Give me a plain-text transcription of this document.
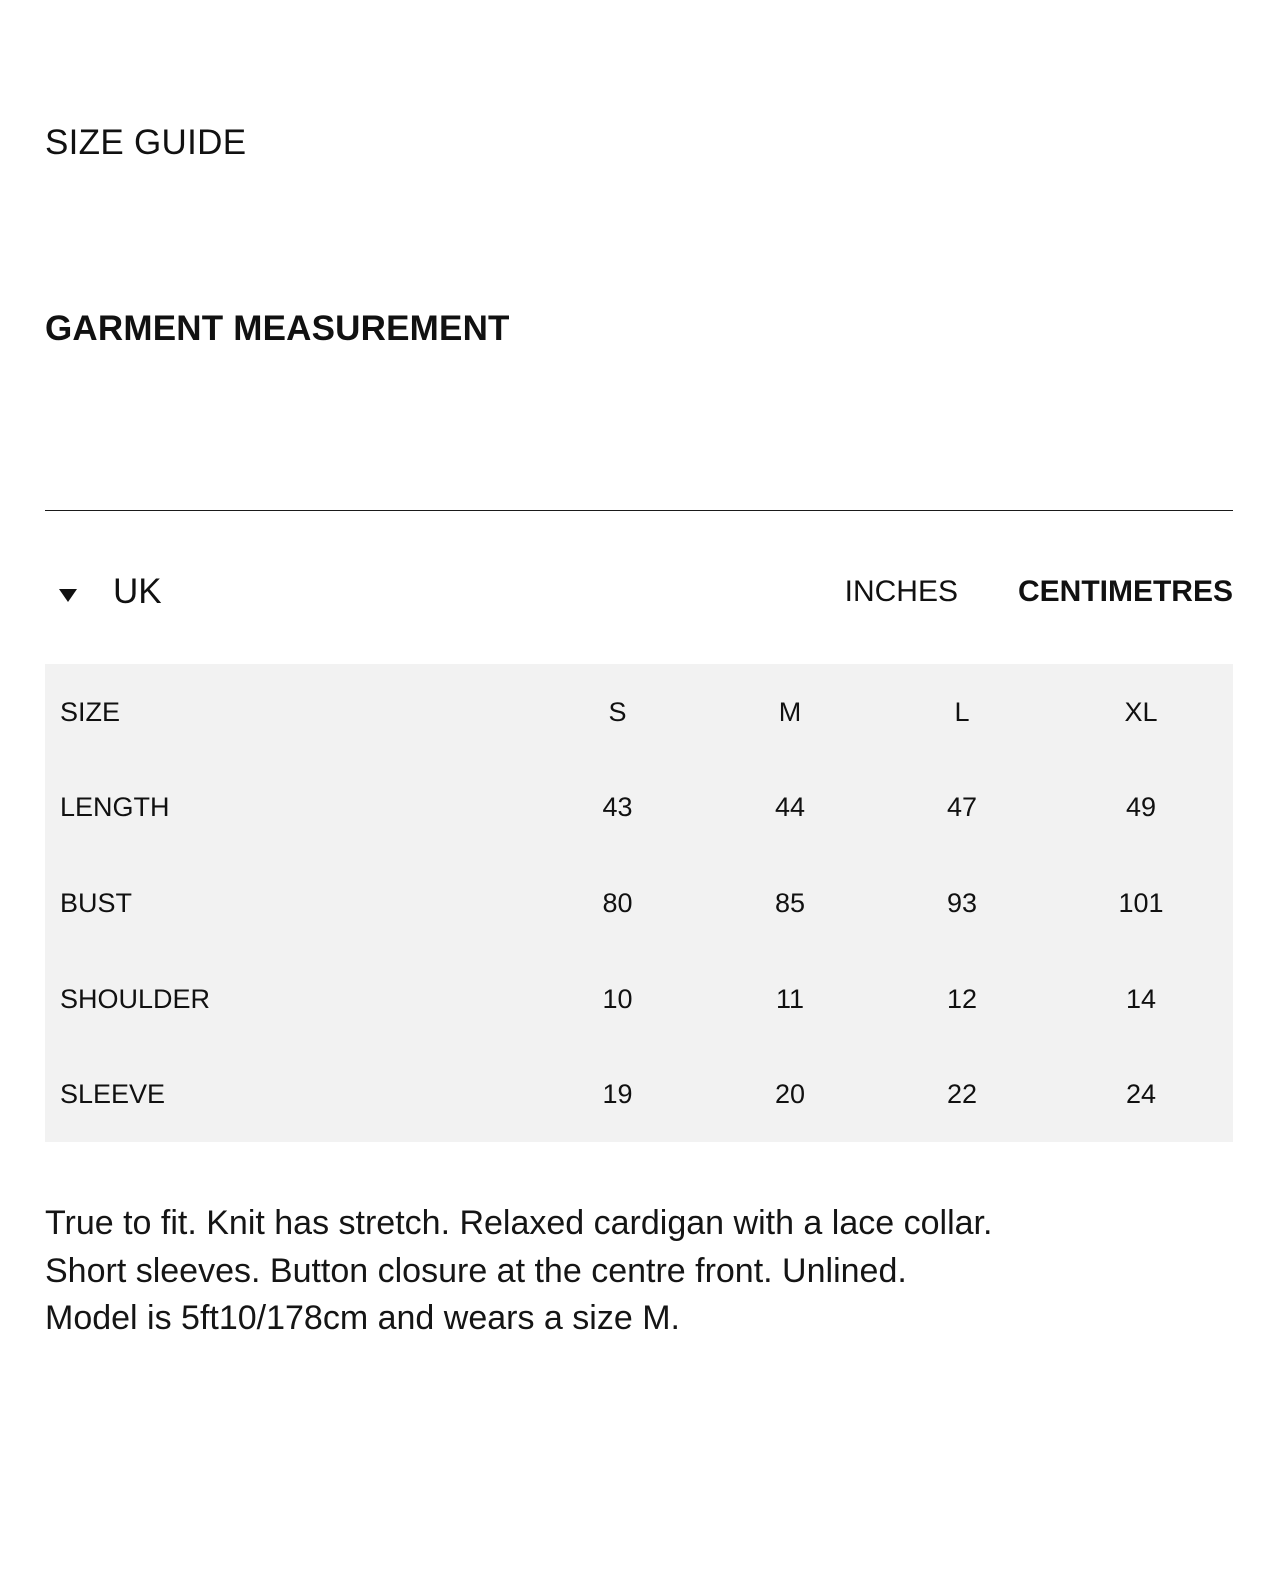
SIZE GUIDE
GARMENT MEASUREMENT
UK	INCHES CENTIMETRES
SIZE	S	M	L	XL
LENGTH	43	44	47	49
BUST	80	85	93	101
SHOULDER	10	11	12	14
SLEEVE	19	20	22	24
True to fit. Knit has stretch. Relaxed cardigan with a lace collar. Short sleeves. Button closure at the centre front. Unlined. Model is 5ft10/178cm and wears a size M.
